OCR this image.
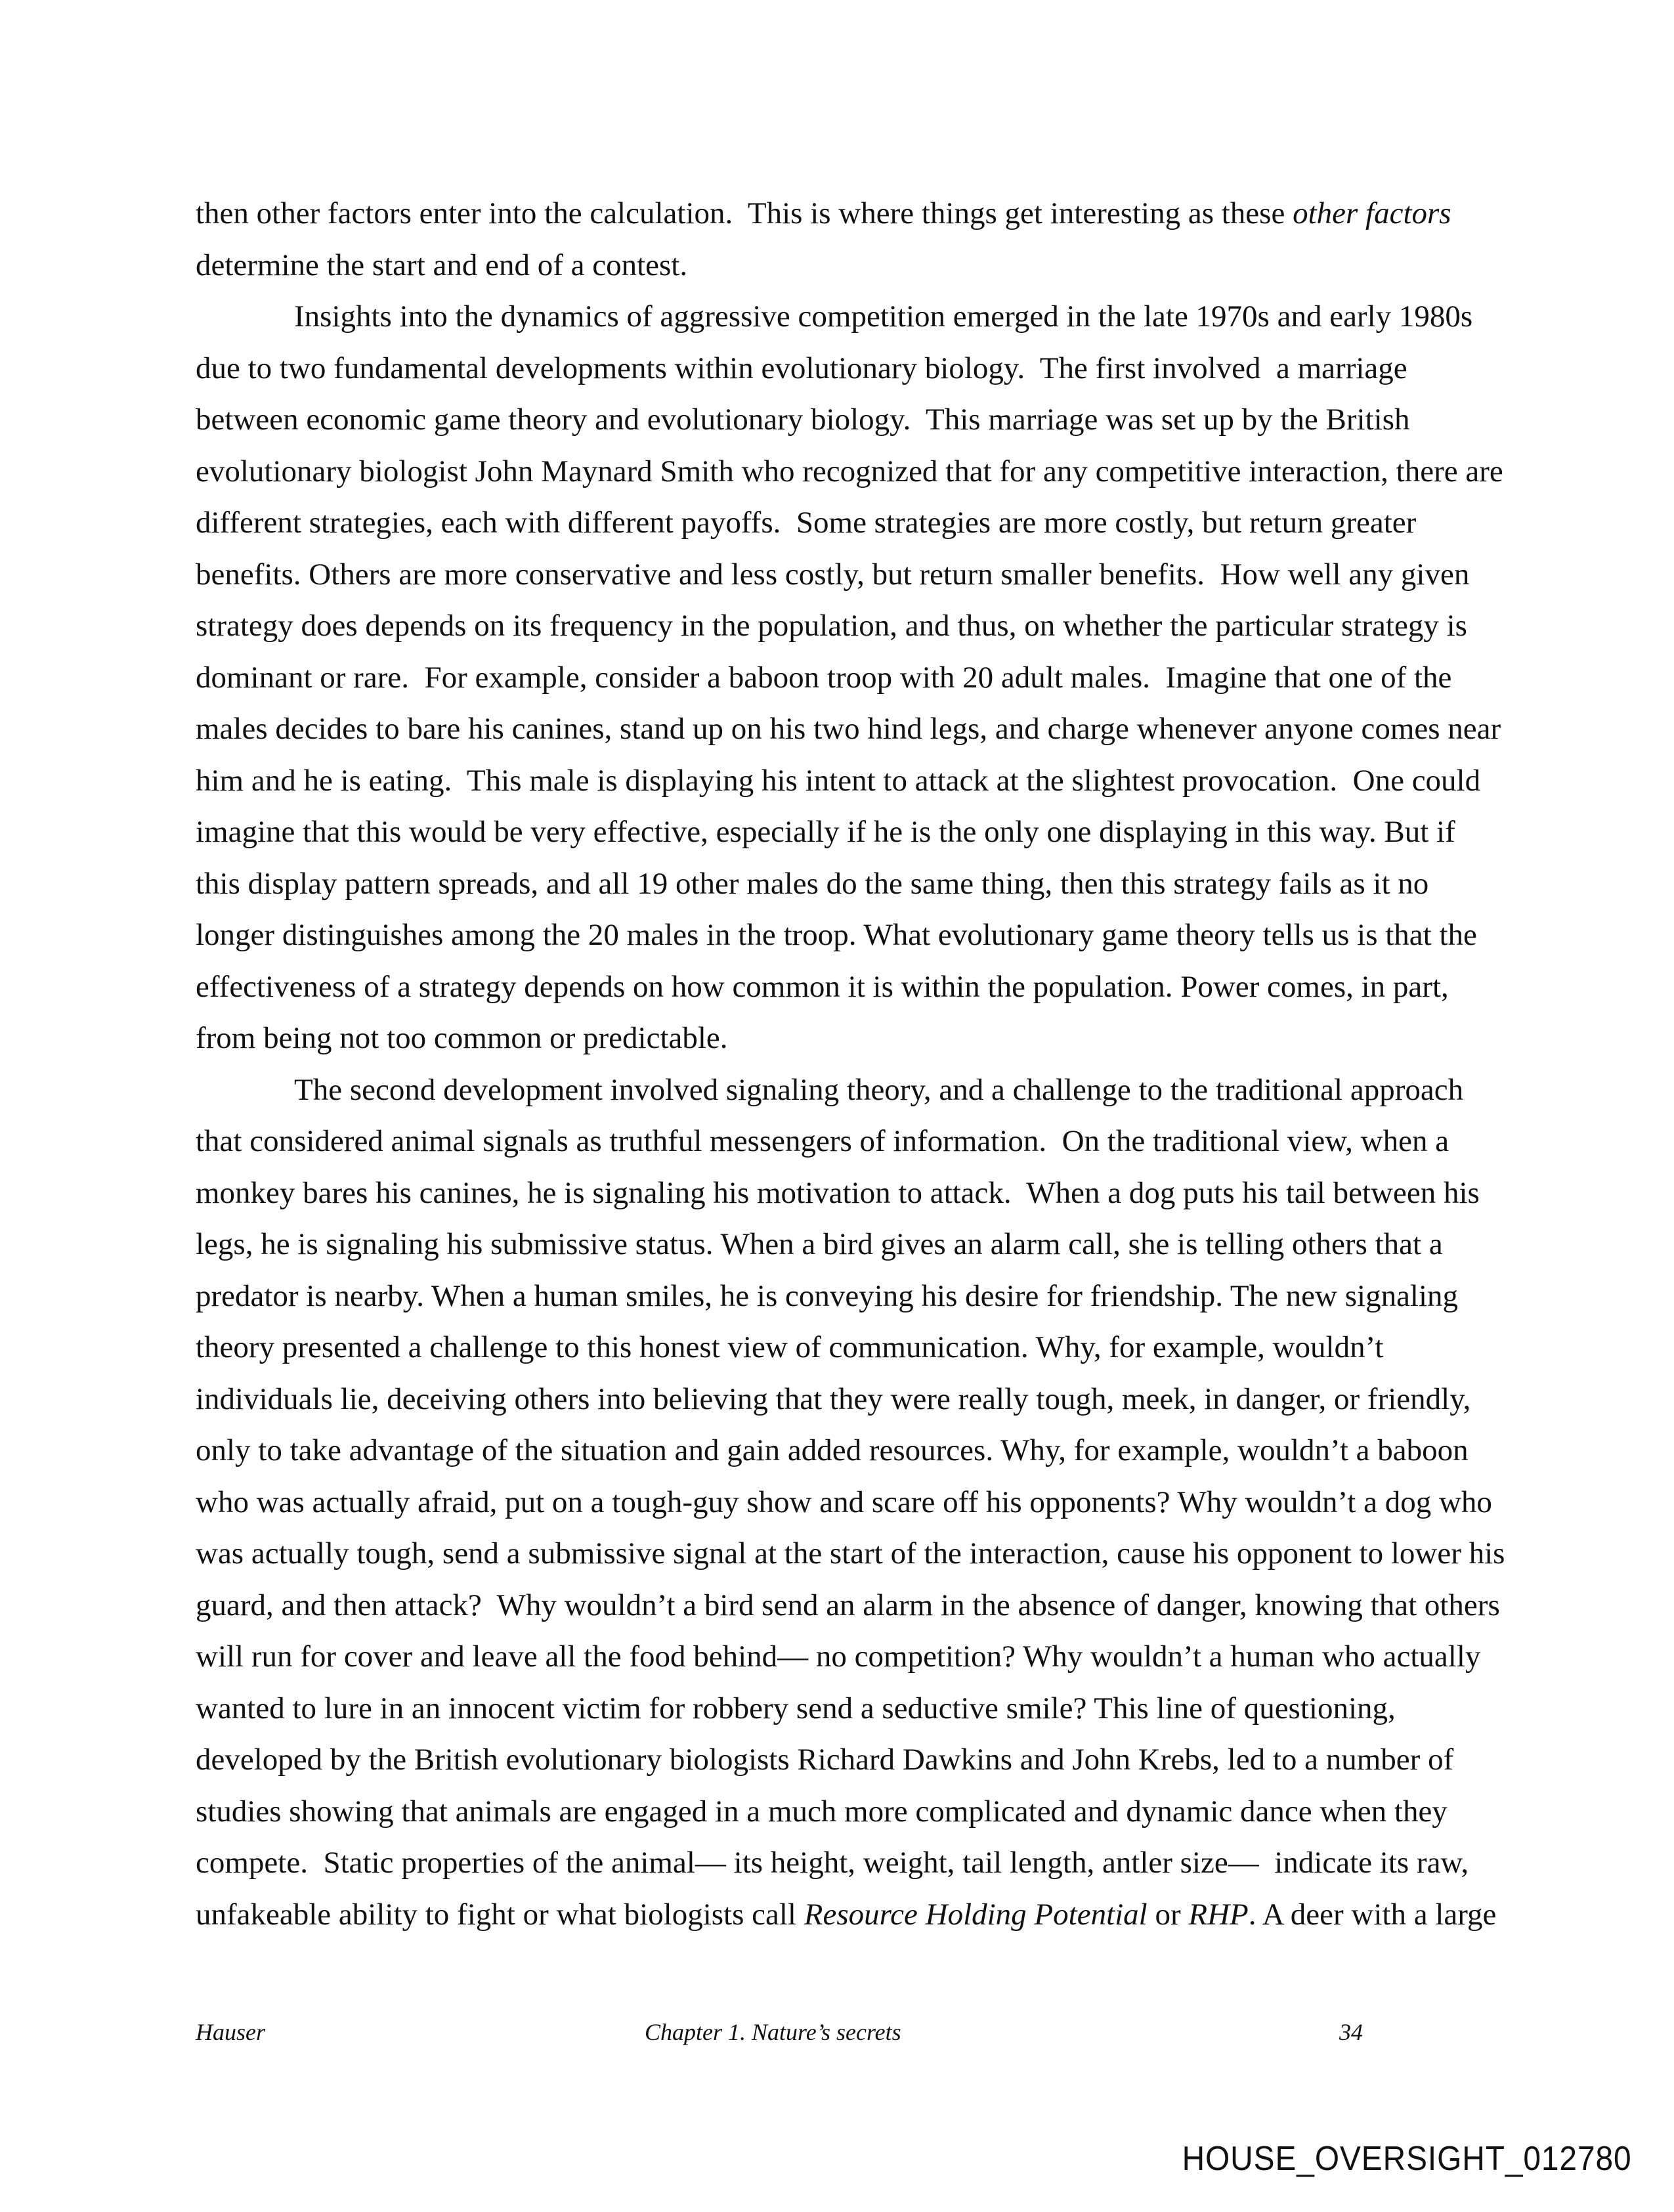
then other factors enter into the calculation.  This is where things get interesting as these other factors
determine the start and end of a contest.
Insights into the dynamics of aggressive competition emerged in the late 1970s and early 1980s
due to two fundamental developments within evolutionary biology.  The first involved  a marriage
between economic game theory and evolutionary biology.  This marriage was set up by the British
evolutionary biologist John Maynard Smith who recognized that for any competitive interaction, there are
different strategies, each with different payoffs.  Some strategies are more costly, but return greater
benefits. Others are more conservative and less costly, but return smaller benefits.  How well any given
strategy does depends on its frequency in the population, and thus, on whether the particular strategy is
dominant or rare.  For example, consider a baboon troop with 20 adult males.  Imagine that one of the
males decides to bare his canines, stand up on his two hind legs, and charge whenever anyone comes near
him and he is eating.  This male is displaying his intent to attack at the slightest provocation.  One could
imagine that this would be very effective, especially if he is the only one displaying in this way. But if
this display pattern spreads, and all 19 other males do the same thing, then this strategy fails as it no
longer distinguishes among the 20 males in the troop. What evolutionary game theory tells us is that the
effectiveness of a strategy depends on how common it is within the population. Power comes, in part,
from being not too common or predictable.
The second development involved signaling theory, and a challenge to the traditional approach
that considered animal signals as truthful messengers of information.  On the traditional view, when a
monkey bares his canines, he is signaling his motivation to attack.  When a dog puts his tail between his
legs, he is signaling his submissive status. When a bird gives an alarm call, she is telling others that a
predator is nearby. When a human smiles, he is conveying his desire for friendship. The new signaling
theory presented a challenge to this honest view of communication. Why, for example, wouldn’t
individuals lie, deceiving others into believing that they were really tough, meek, in danger, or friendly,
only to take advantage of the situation and gain added resources. Why, for example, wouldn’t a baboon
who was actually afraid, put on a tough-guy show and scare off his opponents? Why wouldn’t a dog who
was actually tough, send a submissive signal at the start of the interaction, cause his opponent to lower his
guard, and then attack?  Why wouldn’t a bird send an alarm in the absence of danger, knowing that others
will run for cover and leave all the food behind— no competition? Why wouldn’t a human who actually
wanted to lure in an innocent victim for robbery send a seductive smile? This line of questioning,
developed by the British evolutionary biologists Richard Dawkins and John Krebs, led to a number of
studies showing that animals are engaged in a much more complicated and dynamic dance when they
compete.  Static properties of the animal— its height, weight, tail length, antler size—  indicate its raw,
unfakeable ability to fight or what biologists call Resource Holding Potential or RHP. A deer with a large
Hauser	Chapter 1. Nature’s secrets	34
HOUSE_OVERSIGHT_012780
